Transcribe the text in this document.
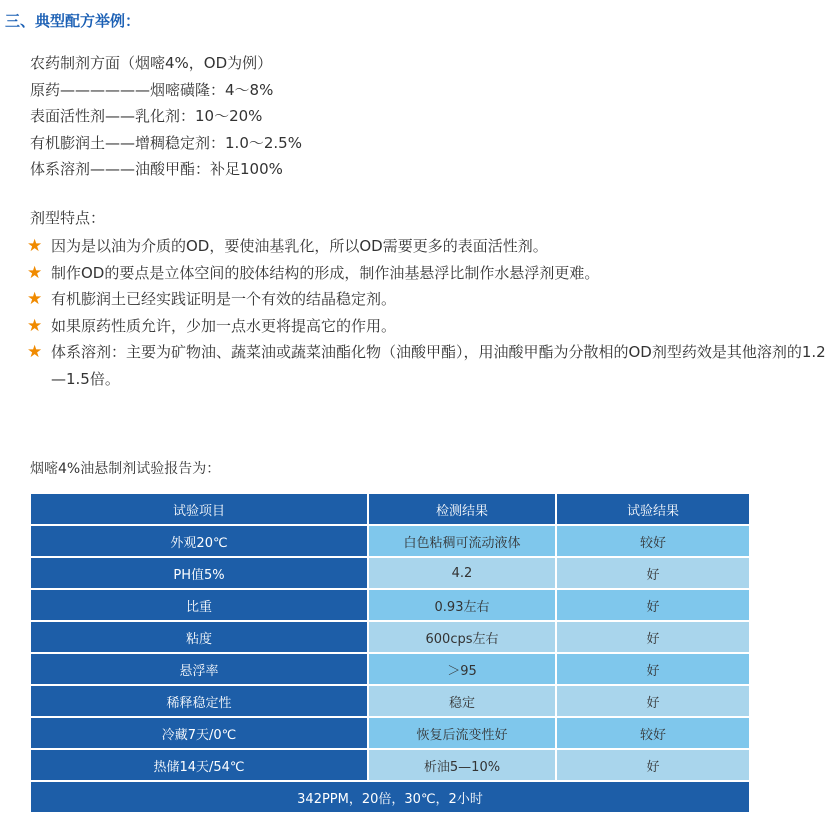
三、典型配方举例：
农药制剂方面（烟嘧4%，OD为例）
原药——————烟嘧磺隆：4～8%
表面活性剂——乳化剂：10～20%
有机膨润土——增稠稳定剂：1.0～2.5%
体系溶剂———油酸甲酯：补足100%
剂型特点：
★ 因为是以油为介质的OD，要使油基乳化，所以OD需要更多的表面活性剂。
★ 制作OD的要点是立体空间的胶体结构的形成，制作油基悬浮比制作水悬浮剂更难。
★ 有机膨润土已经实践证明是一个有效的结晶稳定剂。
★ 如果原药性质允许，少加一点水更将提高它的作用。
★ 体系溶剂：主要为矿物油、蔬菜油或蔬菜油酯化物（油酸甲酯），用油酸甲酯为分散相的OD剂型药效是其他溶剂的1.2—1.5倍。
烟嘧4%油悬制剂试验报告为：
试验项目	检测结果	试验结果
外观20℃	白色粘稠可流动液体	较好
PH值5%	4.2	好
比重	0.93左右	好
粘度	600cps左右	好
悬浮率	＞95	好
稀释稳定性	稳定	好
冷藏7天/0℃	恢复后流变性好	较好
热储14天/54℃	析油5—10%	好
342PPM，20倍，30℃，2小时		
